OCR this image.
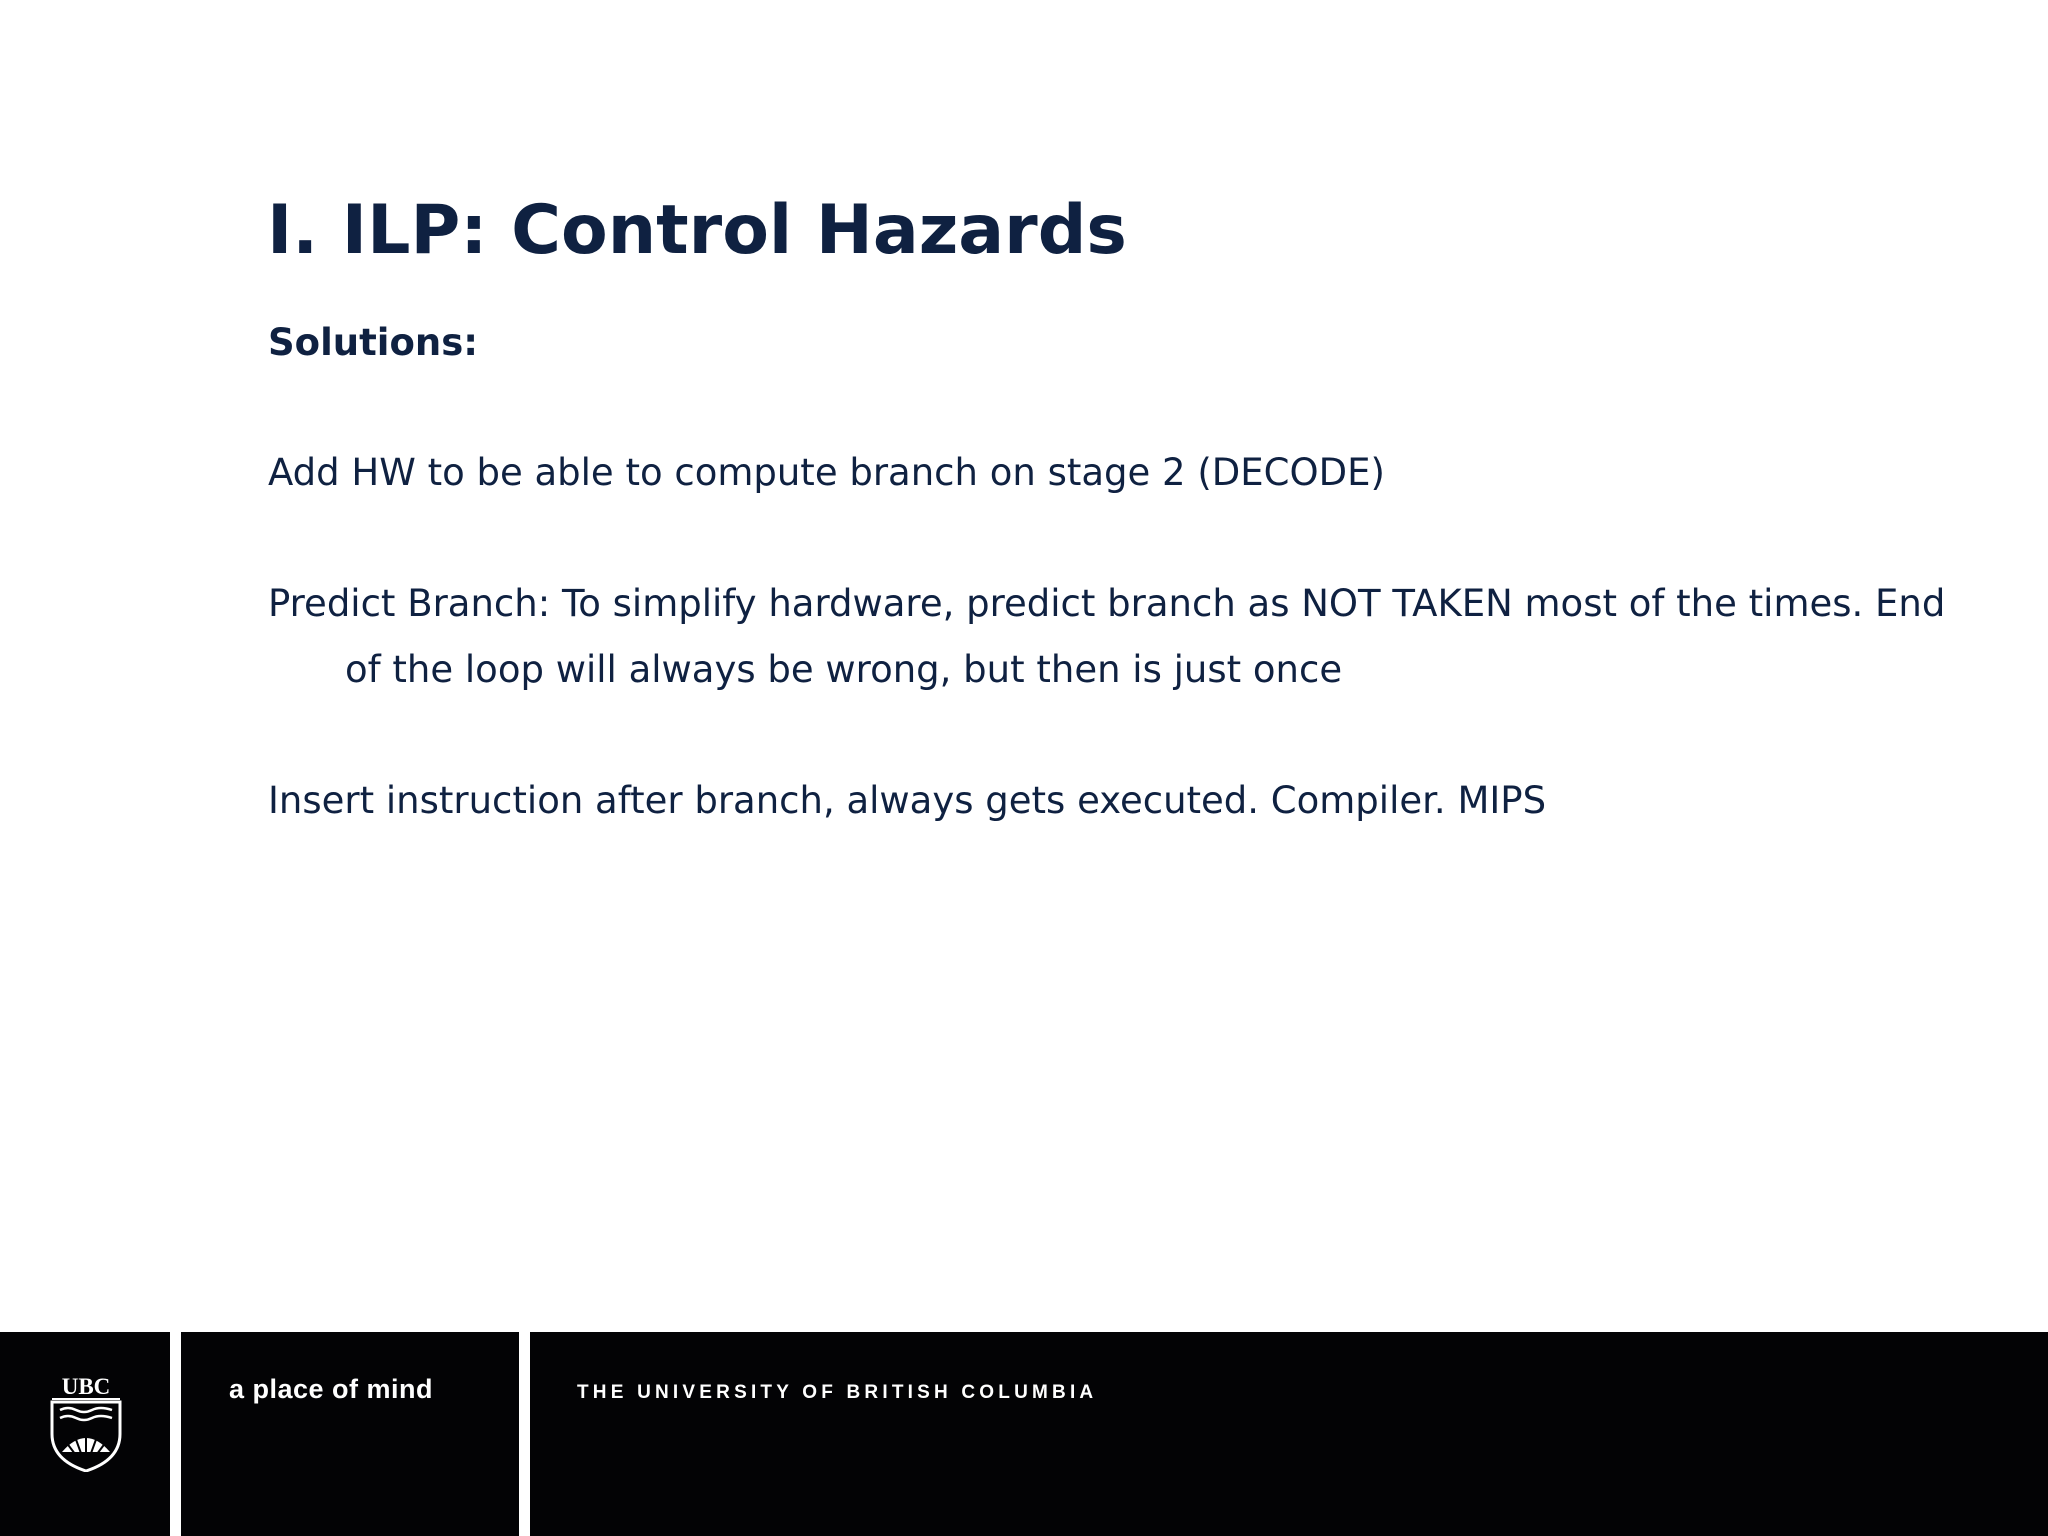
I. ILP: Control Hazards

Solutions:

Add HW to be able to compute branch on stage 2 (DECODE)

Predict Branch: To simplify hardware, predict branch as NOT TAKEN most of the times. End of the loop will always be wrong, but then is just once

Insert instruction after branch, always gets executed. Compiler. MIPS

UBC	a place of mind	THE UNIVERSITY OF BRITISH COLUMBIA
